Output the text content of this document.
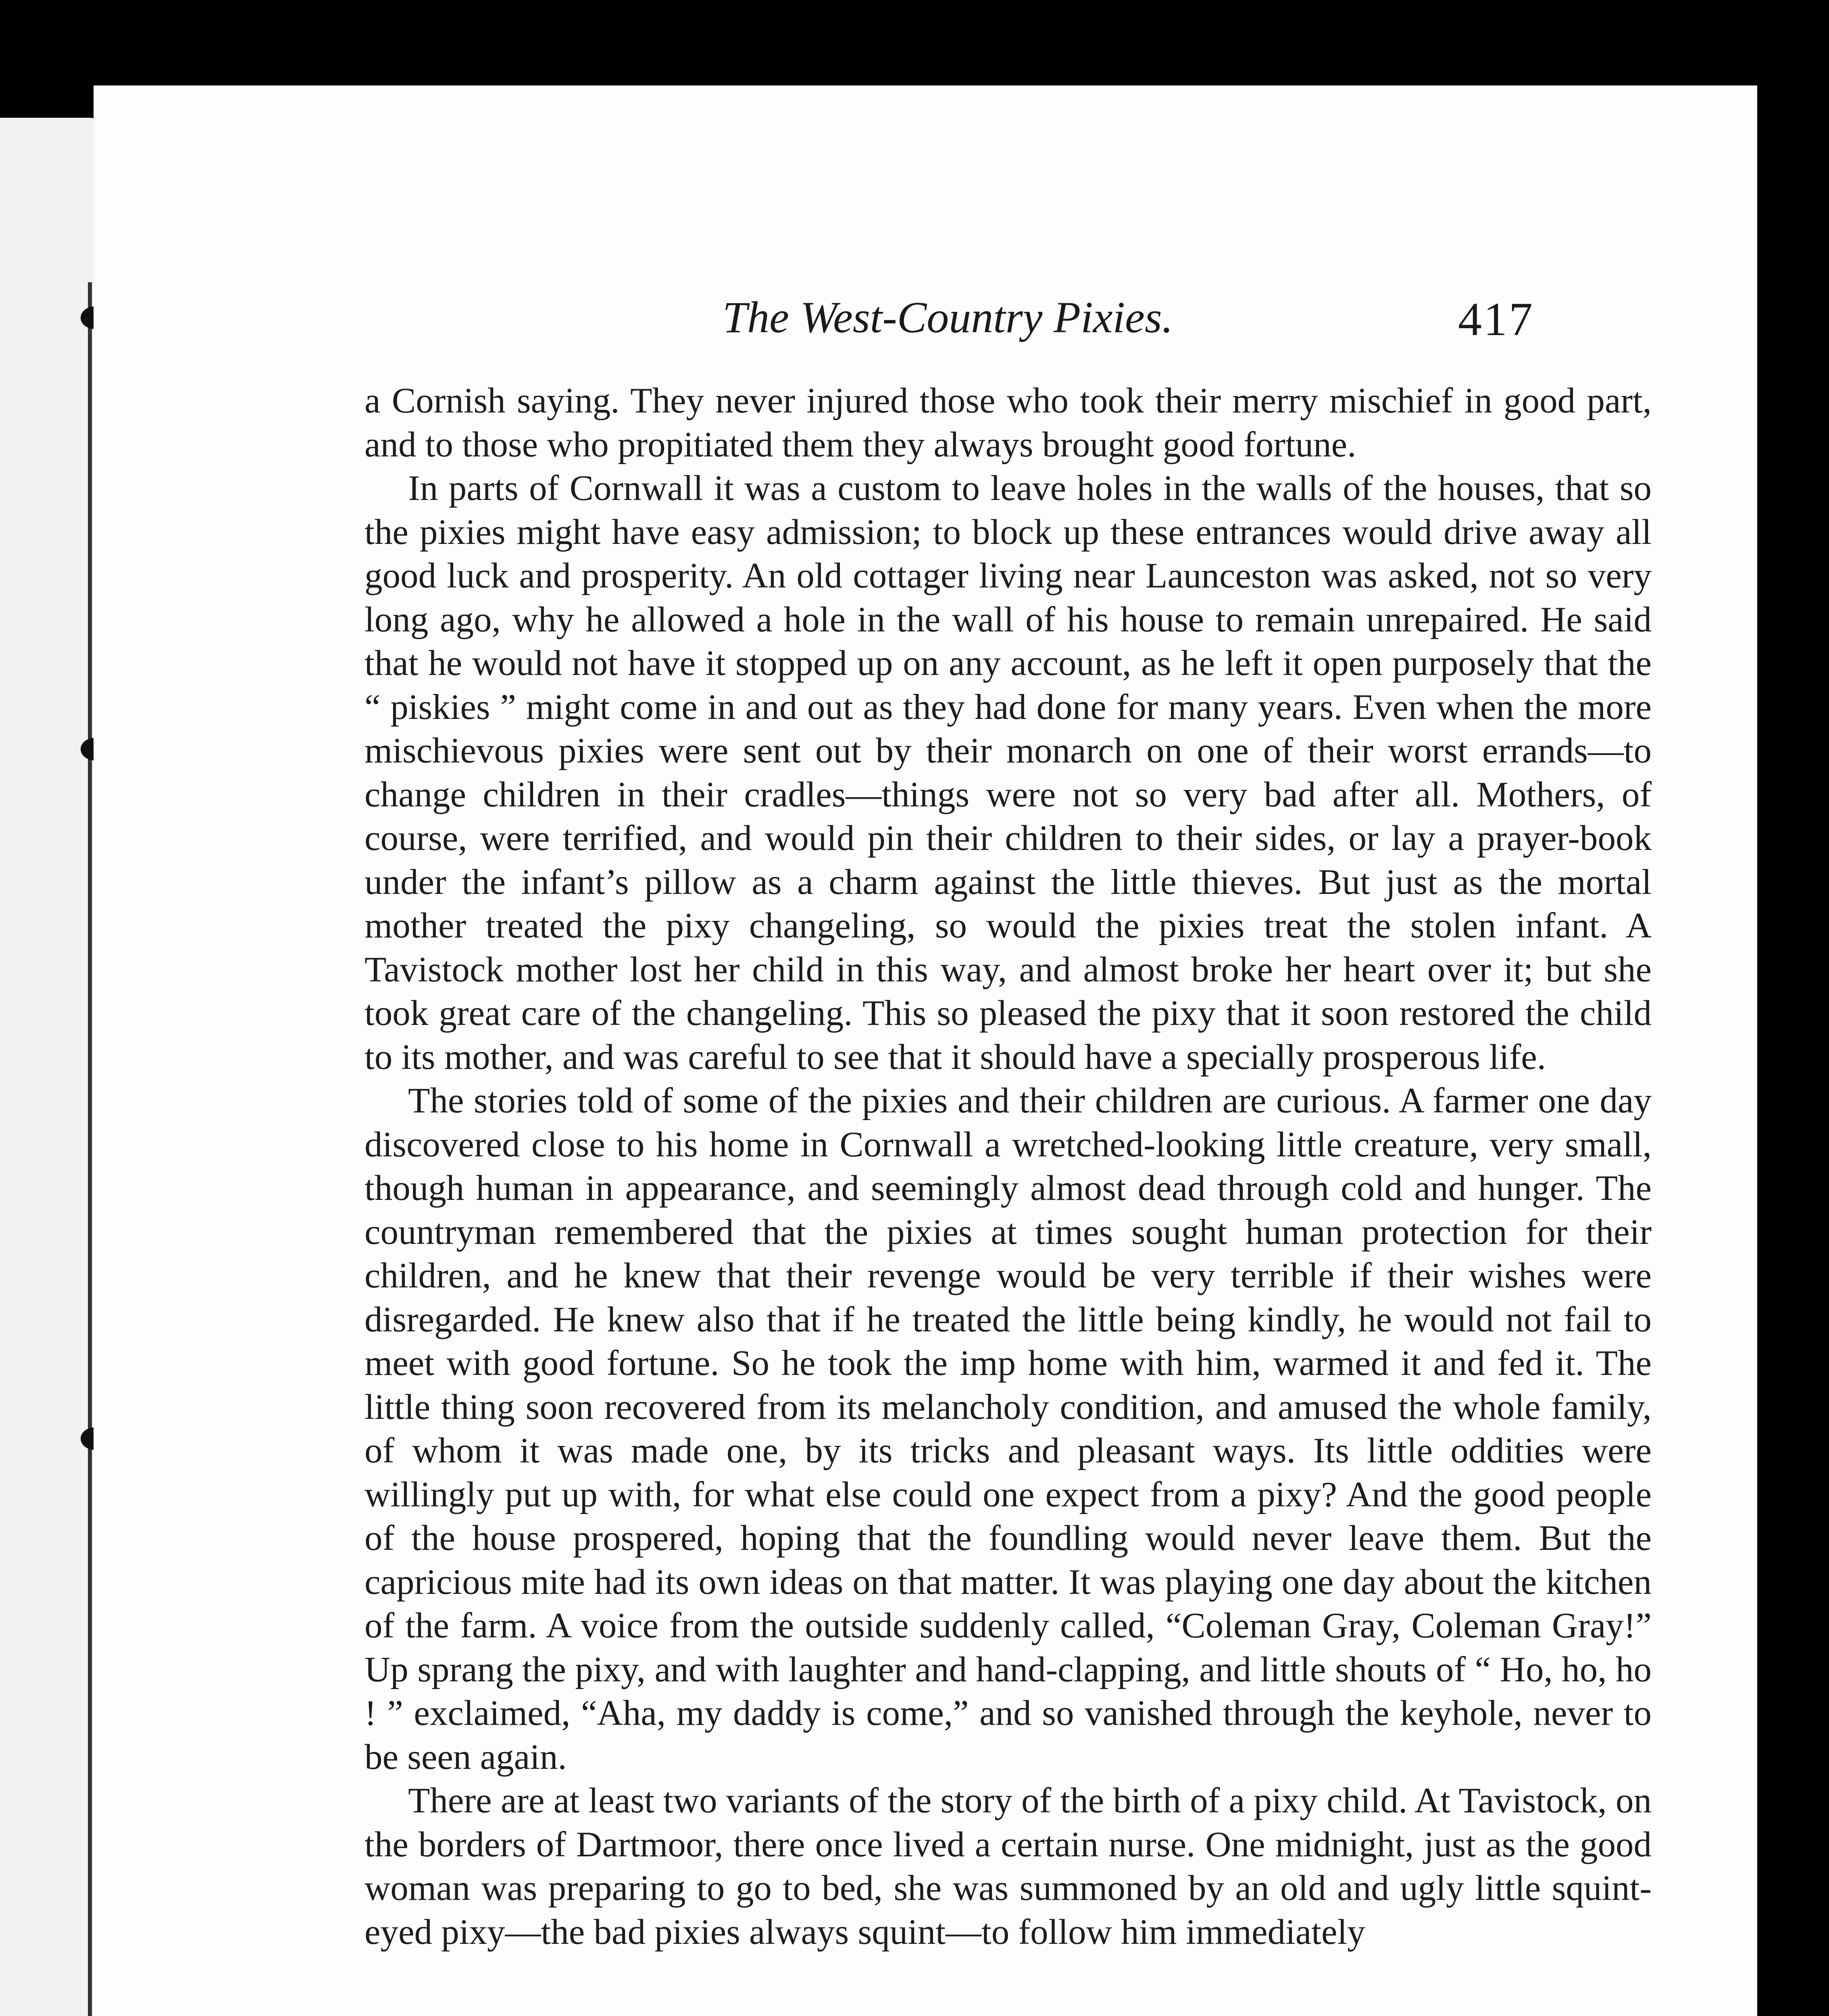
The West-Country Pixies.	417

a Cornish saying. They never injured those who took their merry mischief in good part, and to those who propitiated them they always brought good fortune.

In parts of Cornwall it was a custom to leave holes in the walls of the houses, that so the pixies might have easy admission; to block up these entrances would drive away all good luck and prosperity. An old cottager living near Launceston was asked, not so very long ago, why he allowed a hole in the wall of his house to remain unrepaired. He said that he would not have it stopped up on any account, as he left it open purposely that the “ piskies ” might come in and out as they had done for many years. Even when the more mischievous pixies were sent out by their monarch on one of their worst errands—to change children in their cradles—things were not so very bad after all. Mothers, of course, were terrified, and would pin their children to their sides, or lay a prayer-book under the infant’s pillow as a charm against the little thieves. But just as the mortal mother treated the pixy changeling, so would the pixies treat the stolen infant. A Tavistock mother lost her child in this way, and almost broke her heart over it; but she took great care of the changeling. This so pleased the pixy that it soon restored the child to its mother, and was careful to see that it should have a specially prosperous life.

The stories told of some of the pixies and their children are curious. A farmer one day discovered close to his home in Cornwall a wretched-looking little creature, very small, though human in appearance, and seemingly almost dead through cold and hunger. The countryman remembered that the pixies at times sought human protection for their children, and he knew that their revenge would be very terrible if their wishes were disregarded. He knew also that if he treated the little being kindly, he would not fail to meet with good fortune. So he took the imp home with him, warmed it and fed it. The little thing soon recovered from its melancholy condition, and amused the whole family, of whom it was made one, by its tricks and pleasant ways. Its little oddities were willingly put up with, for what else could one expect from a pixy? And the good people of the house prospered, hoping that the foundling would never leave them. But the capricious mite had its own ideas on that matter. It was playing one day about the kitchen of the farm. A voice from the outside suddenly called, “Coleman Gray, Coleman Gray!” Up sprang the pixy, and with laughter and hand-clapping, and little shouts of “ Ho, ho, ho ! ” exclaimed, “Aha, my daddy is come,” and so vanished through the keyhole, never to be seen again.

There are at least two variants of the story of the birth of a pixy child. At Tavistock, on the borders of Dartmoor, there once lived a certain nurse. One midnight, just as the good woman was preparing to go to bed, she was summoned by an old and ugly little squint-eyed pixy—the bad pixies always squint—to follow him immediately
